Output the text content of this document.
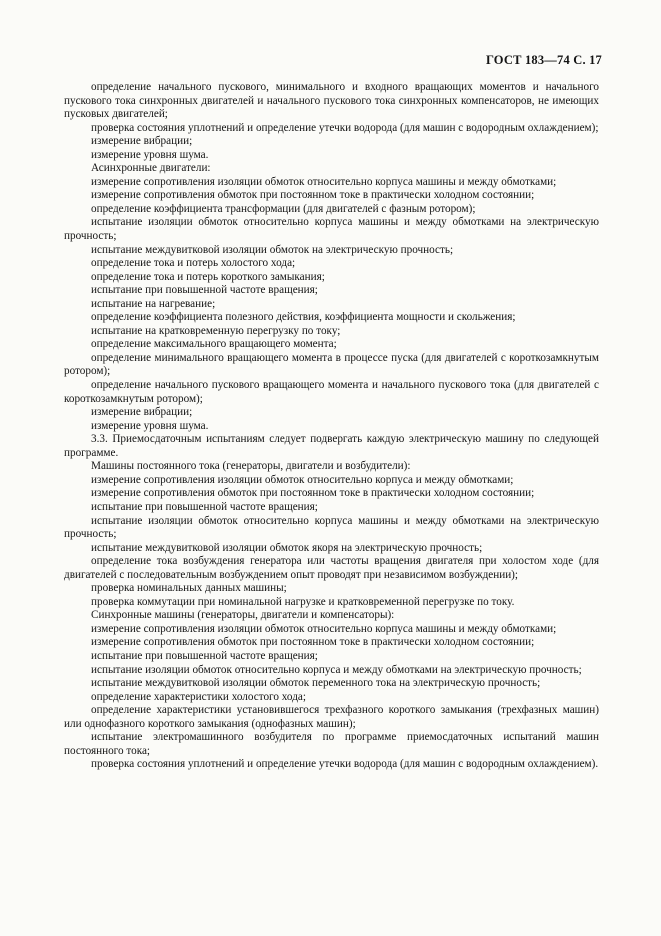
ГОСТ 183—74 С. 17

определение начального пускового, минимального и входного вращающих моментов и начального пускового тока синхронных двигателей и начального пускового тока синхронных компенсаторов, не имеющих пусковых двигателей;

проверка состояния уплотнений и определение утечки водорода (для машин с водородным охлаждением);

измерение вибрации;

измерение уровня шума.

Асинхронные двигатели:

измерение сопротивления изоляции обмоток относительно корпуса машины и между обмотками;

измерение сопротивления обмоток при постоянном токе в практически холодном состоянии;

определение коэффициента трансформации (для двигателей с фазным ротором);

испытание изоляции обмоток относительно корпуса машины и между обмотками на электрическую прочность;

испытание междувитковой изоляции обмоток на электрическую прочность;

определение тока и потерь холостого хода;

определение тока и потерь короткого замыкания;

испытание при повышенной частоте вращения;

испытание на нагревание;

определение коэффициента полезного действия, коэффициента мощности и скольжения;

испытание на кратковременную перегрузку по току;

определение максимального вращающего момента;

определение минимального вращающего момента в процессе пуска (для двигателей с короткозамкнутым ротором);

определение начального пускового вращающего момента и начального пускового тока (для двигателей с короткозамкнутым ротором);

измерение вибрации;

измерение уровня шума.

3.3. Приемосдаточным испытаниям следует подвергать каждую электрическую машину по следующей программе.

Машины постоянного тока (генераторы, двигатели и возбудители):

измерение сопротивления изоляции обмоток относительно корпуса и между обмотками;

измерение сопротивления обмоток при постоянном токе в практически холодном состоянии;

испытание при повышенной частоте вращения;

испытание изоляции обмоток относительно корпуса машины и между обмотками на электрическую прочность;

испытание междувитковой изоляции обмоток якоря на электрическую прочность;

определение тока возбуждения генератора или частоты вращения двигателя при холостом ходе (для двигателей с последовательным возбуждением опыт проводят при независимом возбуждении);

проверка номинальных данных машины;

проверка коммутации при номинальной нагрузке и кратковременной перегрузке по току.

Синхронные машины (генераторы, двигатели и компенсаторы):

измерение сопротивления изоляции обмоток относительно корпуса машины и между обмотками;

измерение сопротивления обмоток при постоянном токе в практически холодном состоянии;

испытание при повышенной частоте вращения;

испытание изоляции обмоток относительно корпуса и между обмотками на электрическую прочность;

испытание междувитковой изоляции обмоток переменного тока на электрическую прочность;

определение характеристики холостого хода;

определение характеристики установившегося трехфазного короткого замыкания (трехфазных машин) или однофазного короткого замыкания (однофазных машин);

испытание электромашинного возбудителя по программе приемосдаточных испытаний машин постоянного тока;

проверка состояния уплотнений и определение утечки водорода (для машин с водородным охлаждением).
